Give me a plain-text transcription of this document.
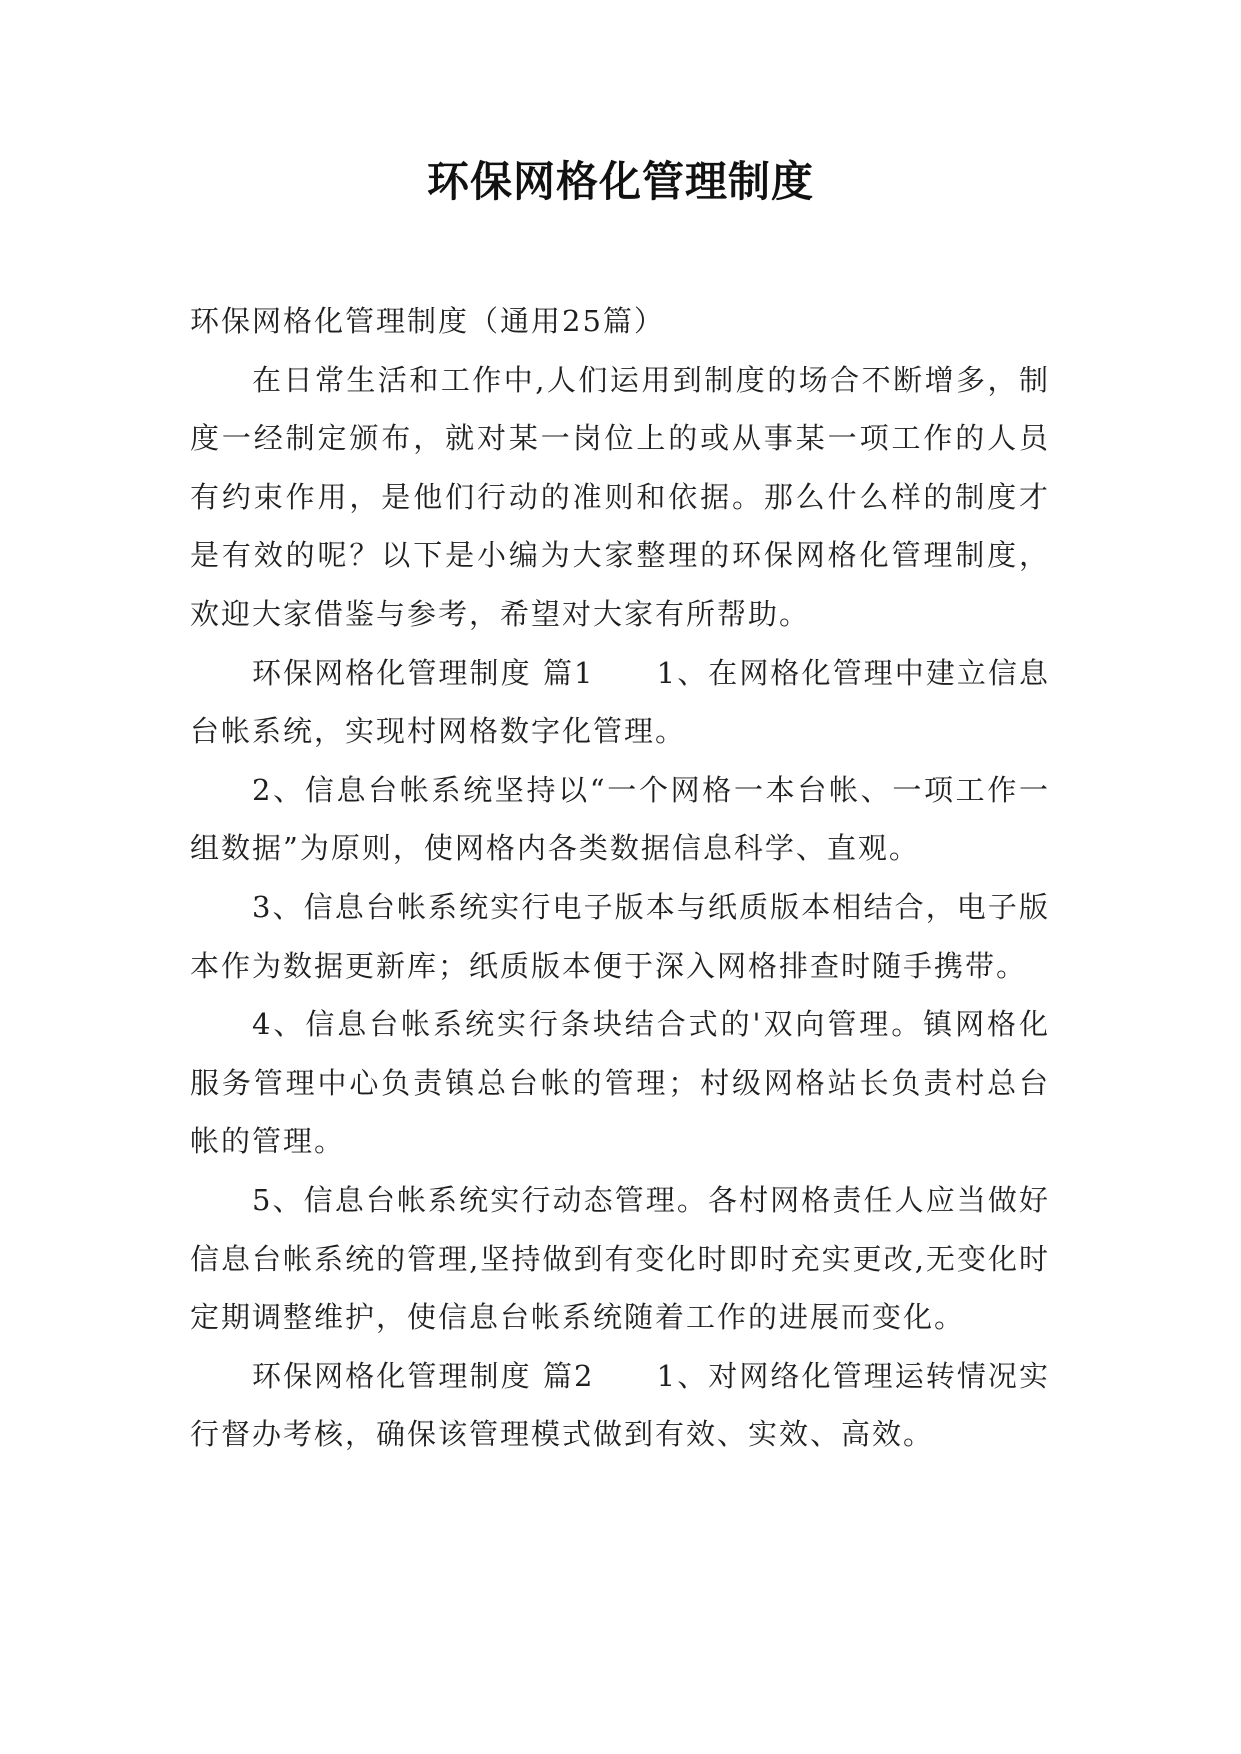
环保网格化管理制度

环保网格化管理制度（通用25篇）

在日常生活和工作中,人们运用到制度的场合不断增多，制度一经制定颁布，就对某一岗位上的或从事某一项工作的人员有约束作用，是他们行动的准则和依据。那么什么样的制度才是有效的呢？以下是小编为大家整理的环保网格化管理制度，欢迎大家借鉴与参考，希望对大家有所帮助。

环保网格化管理制度 篇1　　1、在网格化管理中建立信息台帐系统，实现村网格数字化管理。

2、信息台帐系统坚持以“一个网格一本台帐、一项工作一组数据”为原则，使网格内各类数据信息科学、直观。

3、信息台帐系统实行电子版本与纸质版本相结合，电子版本作为数据更新库；纸质版本便于深入网格排查时随手携带。

4、信息台帐系统实行条块结合式的'双向管理。镇网格化服务管理中心负责镇总台帐的管理；村级网格站长负责村总台帐的管理。

5、信息台帐系统实行动态管理。各村网格责任人应当做好信息台帐系统的管理,坚持做到有变化时即时充实更改,无变化时定期调整维护，使信息台帐系统随着工作的进展而变化。

环保网格化管理制度 篇2　　1、对网络化管理运转情况实行督办考核，确保该管理模式做到有效、实效、高效。
